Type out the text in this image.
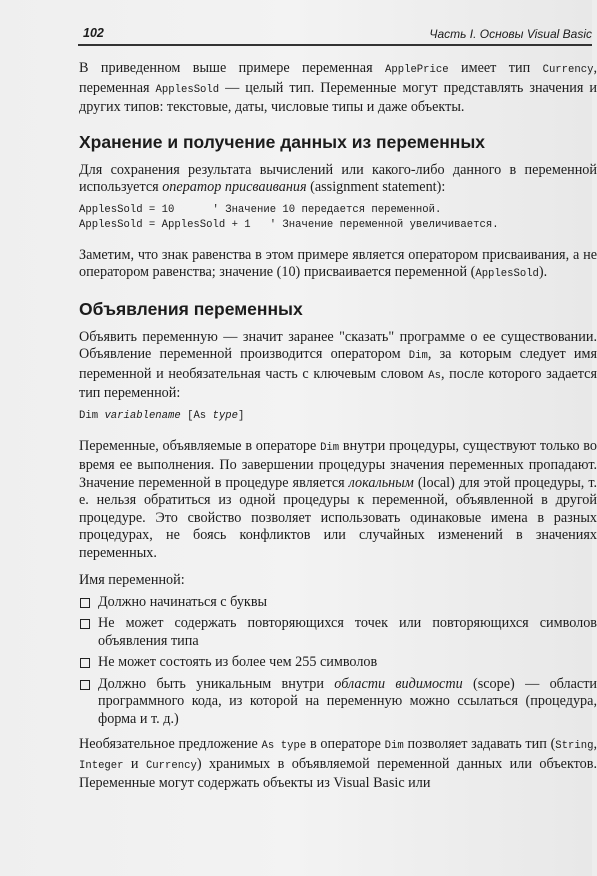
102	Часть I. Основы Visual Basic

В приведенном выше примере переменная ApplePrice имеет тип Currency, переменная ApplesSold — целый тип. Переменные могут представлять значения и других типов: текстовые, даты, числовые типы и даже объекты.

Хранение и получение данных из переменных

Для сохранения результата вычислений или какого-либо данного в переменной используется оператор присваивания (assignment statement):

ApplesSold = 10      ' Значение 10 передается переменной.
ApplesSold = ApplesSold + 1   ' Значение переменной увеличивается.

Заметим, что знак равенства в этом примере является оператором присваивания, а не оператором равенства; значение (10) присваивается переменной (ApplesSold).

Объявления переменных

Объявить переменную — значит заранее "сказать" программе о ее существовании. Объявление переменной производится оператором Dim, за которым следует имя переменной и необязательная часть с ключевым словом As, после которого задается тип переменной:

Dim variablename [As type]

Переменные, объявляемые в операторе Dim внутри процедуры, существуют только во время ее выполнения. По завершении процедуры значения переменных пропадают. Значение переменной в процедуре является локальным (local) для этой процедуры, т. е. нельзя обратиться из одной процедуры к переменной, объявленной в другой процедуре. Это свойство позволяет использовать одинаковые имена в разных процедурах, не боясь конфликтов или случайных изменений в значениях переменных.

Имя переменной:

Должно начинаться с буквы
Не может содержать повторяющихся точек или повторяющихся символов объявления типа
Не может состоять из более чем 255 символов
Должно быть уникальным внутри области видимости (scope) — области программного кода, из которой на переменную можно ссылаться (процедура, форма и т. д.)

Необязательное предложение As type в операторе Dim позволяет задавать тип (String, Integer и Currency) хранимых в объявляемой переменной данных или объектов. Переменные могут содержать объекты из Visual Basic или
